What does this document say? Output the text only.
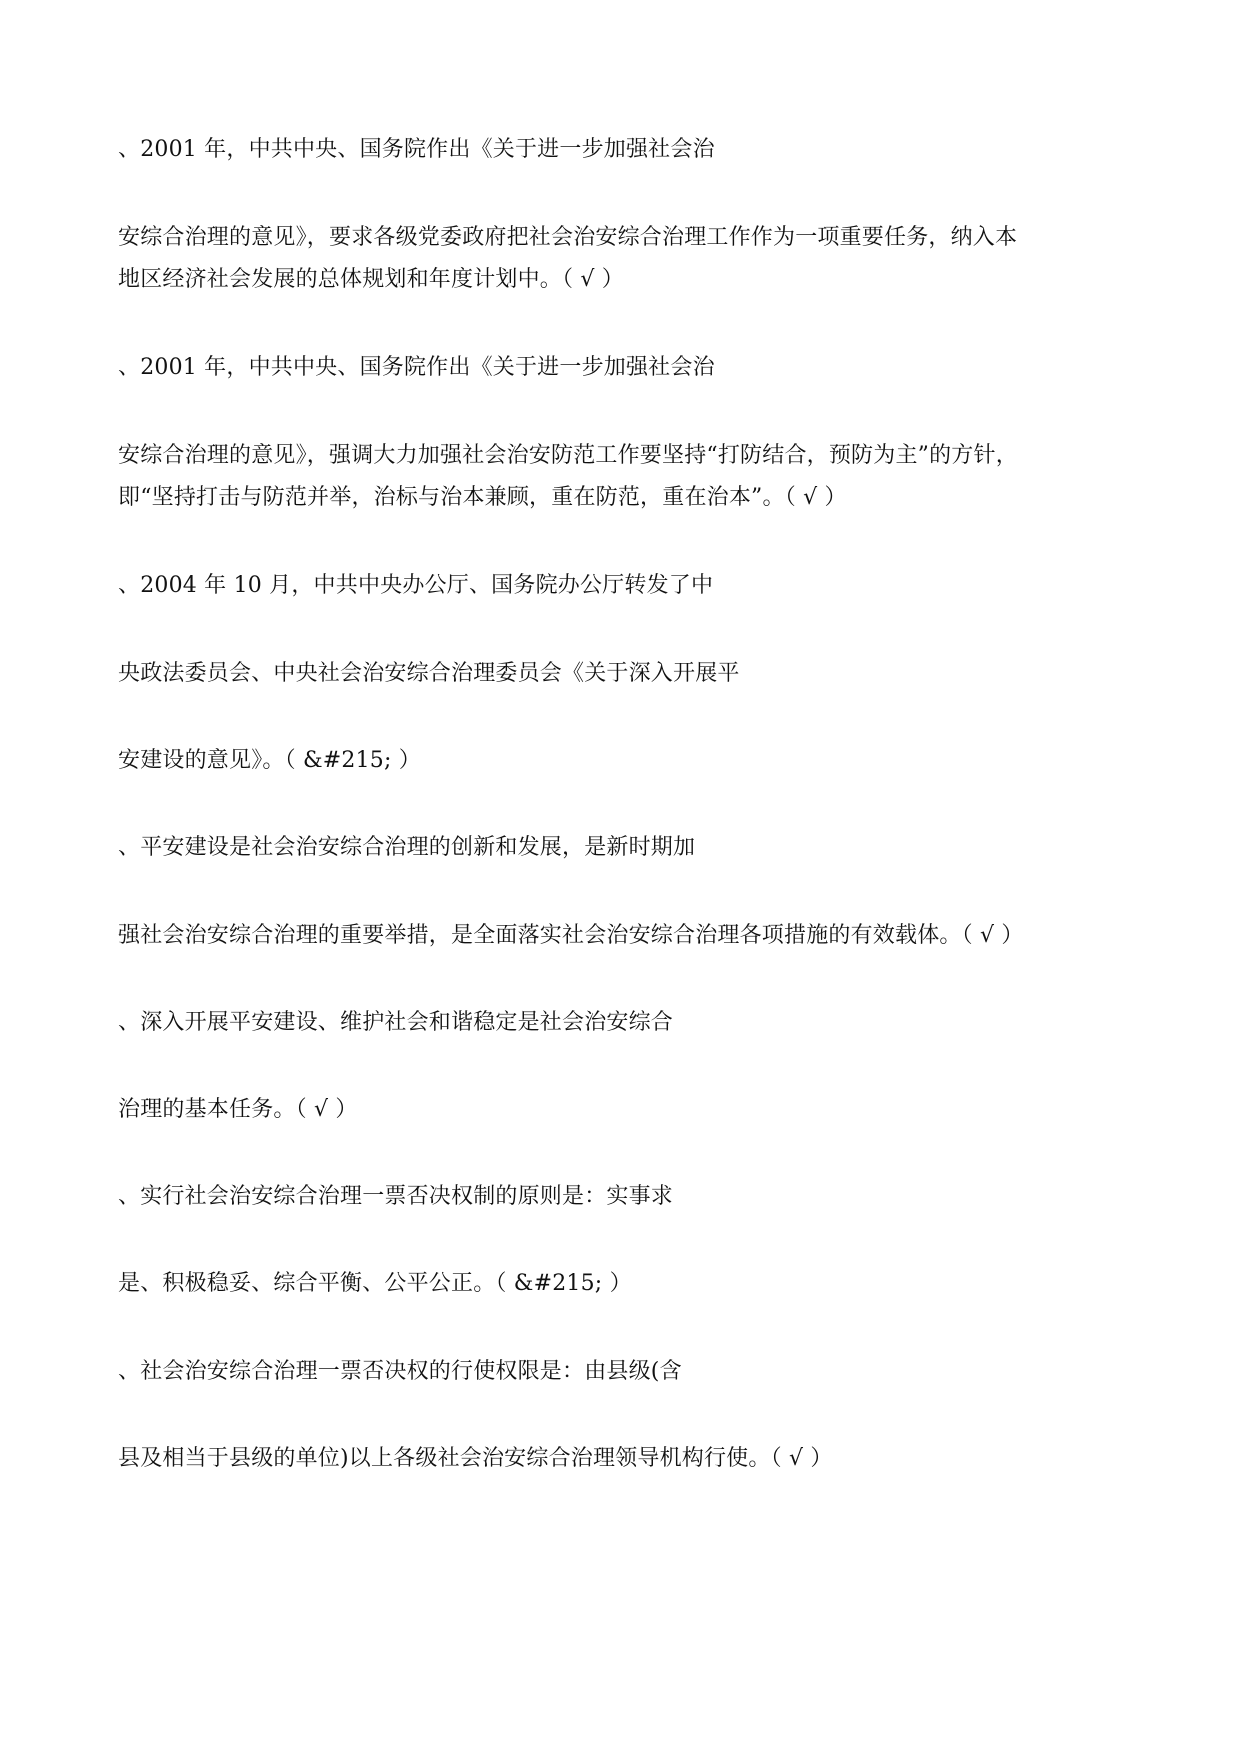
、2001 年，中共中央、国务院作出《关于进一步加强社会治

安综合治理的意见》，要求各级党委政府把社会治安综合治理工作作为一项重要任务，纳入本

地区经济社会发展的总体规划和年度计划中。（ √ ）

、2001 年，中共中央、国务院作出《关于进一步加强社会治

安综合治理的意见》，强调大力加强社会治安防范工作要坚持“打防结合，预防为主”的方针，

即“坚持打击与防范并举，治标与治本兼顾，重在防范，重在治本”。（ √ ）

、2004 年 10 月，中共中央办公厅、国务院办公厅转发了中

央政法委员会、中央社会治安综合治理委员会《关于深入开展平

安建设的意见》。（ &#215; ）

、平安建设是社会治安综合治理的创新和发展，是新时期加

强社会治安综合治理的重要举措，是全面落实社会治安综合治理各项措施的有效载体。（ √ ）

、深入开展平安建设、维护社会和谐稳定是社会治安综合

治理的基本任务。（ √ ）

、实行社会治安综合治理一票否决权制的原则是：实事求

是、积极稳妥、综合平衡、公平公正。（ &#215; ）

、社会治安综合治理一票否决权的行使权限是：由县级(含

县及相当于县级的单位)以上各级社会治安综合治理领导机构行使。（ √ ）
